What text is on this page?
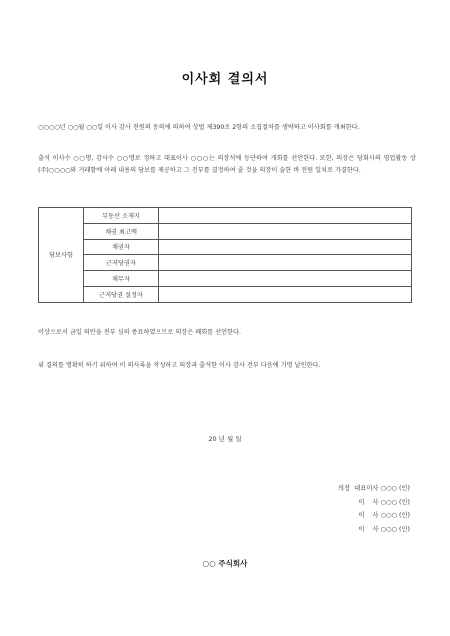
이사회 결의서
○○○○년 ○○월 ○○일 이사 감사 전원의 동의에 의하여 상법 제390조 2항의 소집절차를 생략하고 이사회를 개최한다.
출석 이사수 ○○명, 감사수 ○○명로 정하고 대표이사 ○○○는 의장석에 등단하여 개회를 선언한다. 또한, 의장은 당회사의 영업활동 상 (주)○○○○와 거래함에 아래 내용의 담보를 제공하고 그 진부를 결정하여 줄 것을 의장이 술한 바 전원 일치로 가결한다.
담보사항	부동산 소재지	
	채권 최고액	
	채권자	
	근저당권자	
	채무자	
	근저당권 설정자	
이상으로서 금일 의안을 전부 심의 종료하였으므로 의장은 폐회를 선언한다.
위 결의를 명확히 하기 위하여 이 의사록을 작성하고 의장과 출석한 이사 감사 전부 다음에 기명 날인한다.
20 년 월 일
의장  대표이사 ○○○ (인)
이    사 ○○○ (인)
이    사 ○○○ (인)
이    사 ○○○ (인)
○○ 주식회사
